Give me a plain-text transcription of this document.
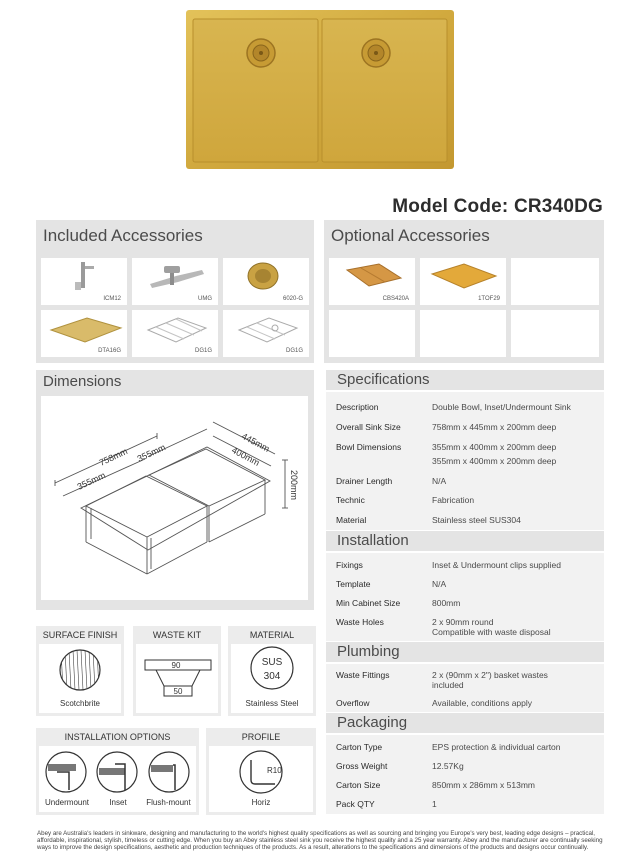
Model Code: CR340DG
Included Accessories
ICM12	UMG	6020-G
DTA16G	DG1G	DG1G
Optional Accessories
CBS420A	1TOF29
Dimensions
758mm
355mm
355mm	445mm
400mm
200mm
Specifications
Description	Double Bowl, Inset/Undermount Sink
Overall Sink Size	758mm x 445mm x 200mm deep
Bowl Dimensions	355mm x 400mm x 200mm deep
355mm x 400mm x 200mm deep
Drainer Length	N/A
Technic	Fabrication
Material	Stainless steel SUS304
Installation
Fixings	Inset & Undermount clips supplied
Template	N/A
Min Cabinet Size	800mm
Waste Holes	2 x 90mm round
Compatible with waste disposal
Plumbing
Waste Fittings	2 x (90mm x 2") basket wastes
included
Overflow	Available, conditions apply
Packaging
Carton Type	EPS protection & individual carton
Gross Weight	12.57Kg
Carton Size	850mm x 286mm x 513mm
Pack QTY	1
SURFACE FINISH
Scotchbrite
WASTE KIT
90
50
MATERIAL
SUS
304
Stainless Steel
INSTALLATION OPTIONS
Undermount	Inset	Flush-mount
PROFILE
R10
Horiz
Abey are Australia's leaders in sinkware, designing and manufacturing to the world's highest quality specifications as well as sourcing and bringing you Europe's very best, leading edge designs – practical, affordable, inspirational, stylish, timeless or cutting edge. When you buy an Abey stainless steel sink you receive the highest quality and a 25 year warranty. Abey and the manufacturer are continually seeking ways to improve the design specifications, aesthetic and production techniques of the products. As a result, alterations to the specifications and dimensions of the products and designs occur continually.
